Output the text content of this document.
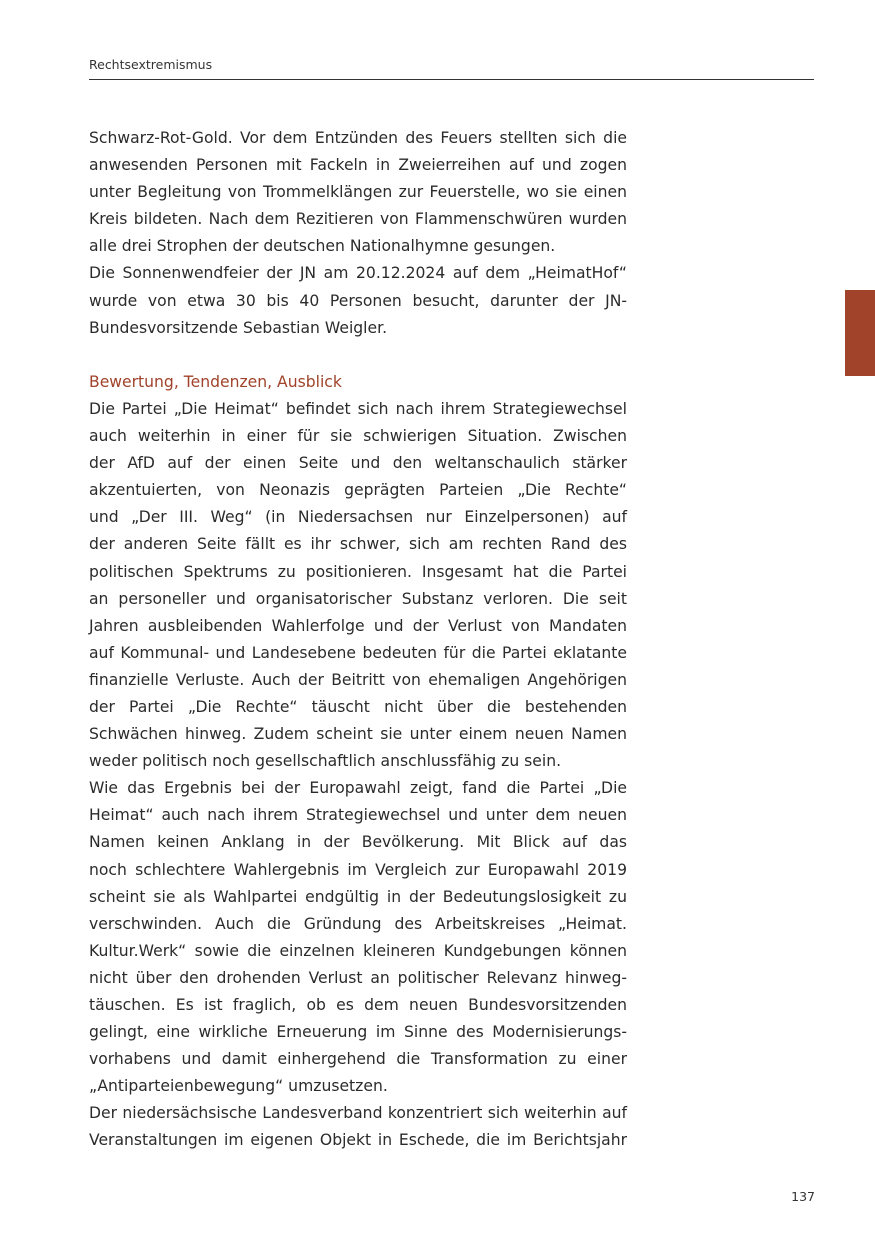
Rechtsextremismus
Schwarz-Rot-Gold. Vor dem Entzünden des Feuers stellten sich die
anwesenden Personen mit Fackeln in Zweierreihen auf und zogen
unter Begleitung von Trommelklängen zur Feuerstelle, wo sie einen
Kreis bildeten. Nach dem Rezitieren von Flammenschwüren wurden
alle drei Strophen der deutschen Nationalhymne gesungen.
Die Sonnenwendfeier der JN am 20.12.2024 auf dem „HeimatHof“
wurde von etwa 30 bis 40 Personen besucht, darunter der JN-
Bundesvorsitzende Sebastian Weigler.
Bewertung, Tendenzen, Ausblick
Die Partei „Die Heimat“ befindet sich nach ihrem Strategiewechsel
auch weiterhin in einer für sie schwierigen Situation. Zwischen
der AfD auf der einen Seite und den weltanschaulich stärker
akzentuierten, von Neonazis geprägten Parteien „Die Rechte“
und „Der III. Weg“ (in Niedersachsen nur Einzelpersonen) auf
der anderen Seite fällt es ihr schwer, sich am rechten Rand des
politischen Spektrums zu positionieren. Insgesamt hat die Partei
an personeller und organisatorischer Substanz verloren. Die seit
Jahren ausbleibenden Wahlerfolge und der Verlust von Mandaten
auf Kommunal- und Landesebene bedeuten für die Partei eklatante
finanzielle Verluste. Auch der Beitritt von ehemaligen Angehörigen
der Partei „Die Rechte“ täuscht nicht über die bestehenden
Schwächen hinweg. Zudem scheint sie unter einem neuen Namen
weder politisch noch gesellschaftlich anschlussfähig zu sein.
Wie das Ergebnis bei der Europawahl zeigt, fand die Partei „Die
Heimat“ auch nach ihrem Strategiewechsel und unter dem neuen
Namen keinen Anklang in der Bevölkerung. Mit Blick auf das
noch schlechtere Wahlergebnis im Vergleich zur Europawahl 2019
scheint sie als Wahlpartei endgültig in der Bedeutungslosigkeit zu
verschwinden. Auch die Gründung des Arbeitskreises „Heimat.
Kultur.Werk“ sowie die einzelnen kleineren Kundgebungen können
nicht über den drohenden Verlust an politischer Relevanz hinweg-
täuschen. Es ist fraglich, ob es dem neuen Bundesvorsitzenden
gelingt, eine wirkliche Erneuerung im Sinne des Modernisierungs-
vorhabens und damit einhergehend die Transformation zu einer
„Antiparteienbewegung“ umzusetzen.
Der niedersächsische Landesverband konzentriert sich weiterhin auf
Veranstaltungen im eigenen Objekt in Eschede, die im Berichtsjahr
137
